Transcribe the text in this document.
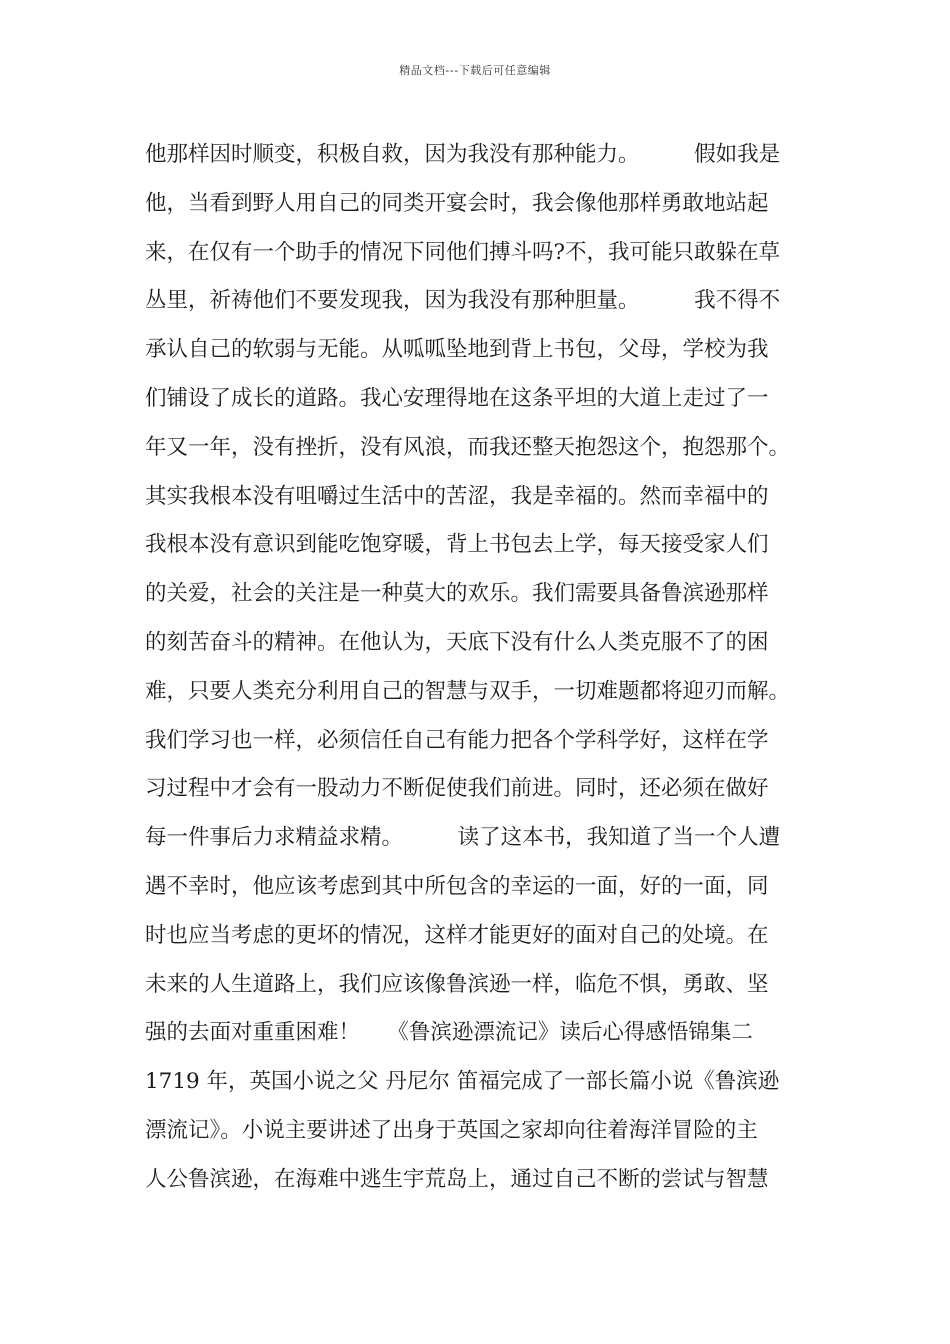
精品文档---下载后可任意编辑
他那样因时顺变，积极自救，因为我没有那种能力。        假如我是
他，当看到野人用自己的同类开宴会时，我会像他那样勇敢地站起
来，在仅有一个助手的情况下同他们搏斗吗?不，我可能只敢躲在草
丛里，祈祷他们不要发现我，因为我没有那种胆量。        我不得不
承认自己的软弱与无能。从呱呱坠地到背上书包，父母，学校为我
们铺设了成长的道路。我心安理得地在这条平坦的大道上走过了一
年又一年，没有挫折，没有风浪，而我还整天抱怨这个，抱怨那个。
其实我根本没有咀嚼过生活中的苦涩，我是幸福的。然而幸福中的
我根本没有意识到能吃饱穿暖，背上书包去上学，每天接受家人们
的关爱，社会的关注是一种莫大的欢乐。我们需要具备鲁滨逊那样
的刻苦奋斗的精神。在他认为，天底下没有什么人类克服不了的困
难，只要人类充分利用自己的智慧与双手，一切难题都将迎刃而解。
我们学习也一样，必须信任自己有能力把各个学科学好，这样在学
习过程中才会有一股动力不断促使我们前进。同时，还必须在做好
每一件事后力求精益求精。        读了这本书，我知道了当一个人遭
遇不幸时，他应该考虑到其中所包含的幸运的一面，好的一面，同
时也应当考虑的更坏的情况，这样才能更好的面对自己的处境。在
未来的人生道路上，我们应该像鲁滨逊一样，临危不惧，勇敢、坚
强的去面对重重困难！    《鲁滨逊漂流记》读后心得感悟锦集二
1719 年，英国小说之父 丹尼尔 笛福完成了一部长篇小说《鲁滨逊
漂流记》。小说主要讲述了出身于英国之家却向往着海洋冒险的主
人公鲁滨逊，在海难中逃生宇荒岛上，通过自己不断的尝试与智慧
